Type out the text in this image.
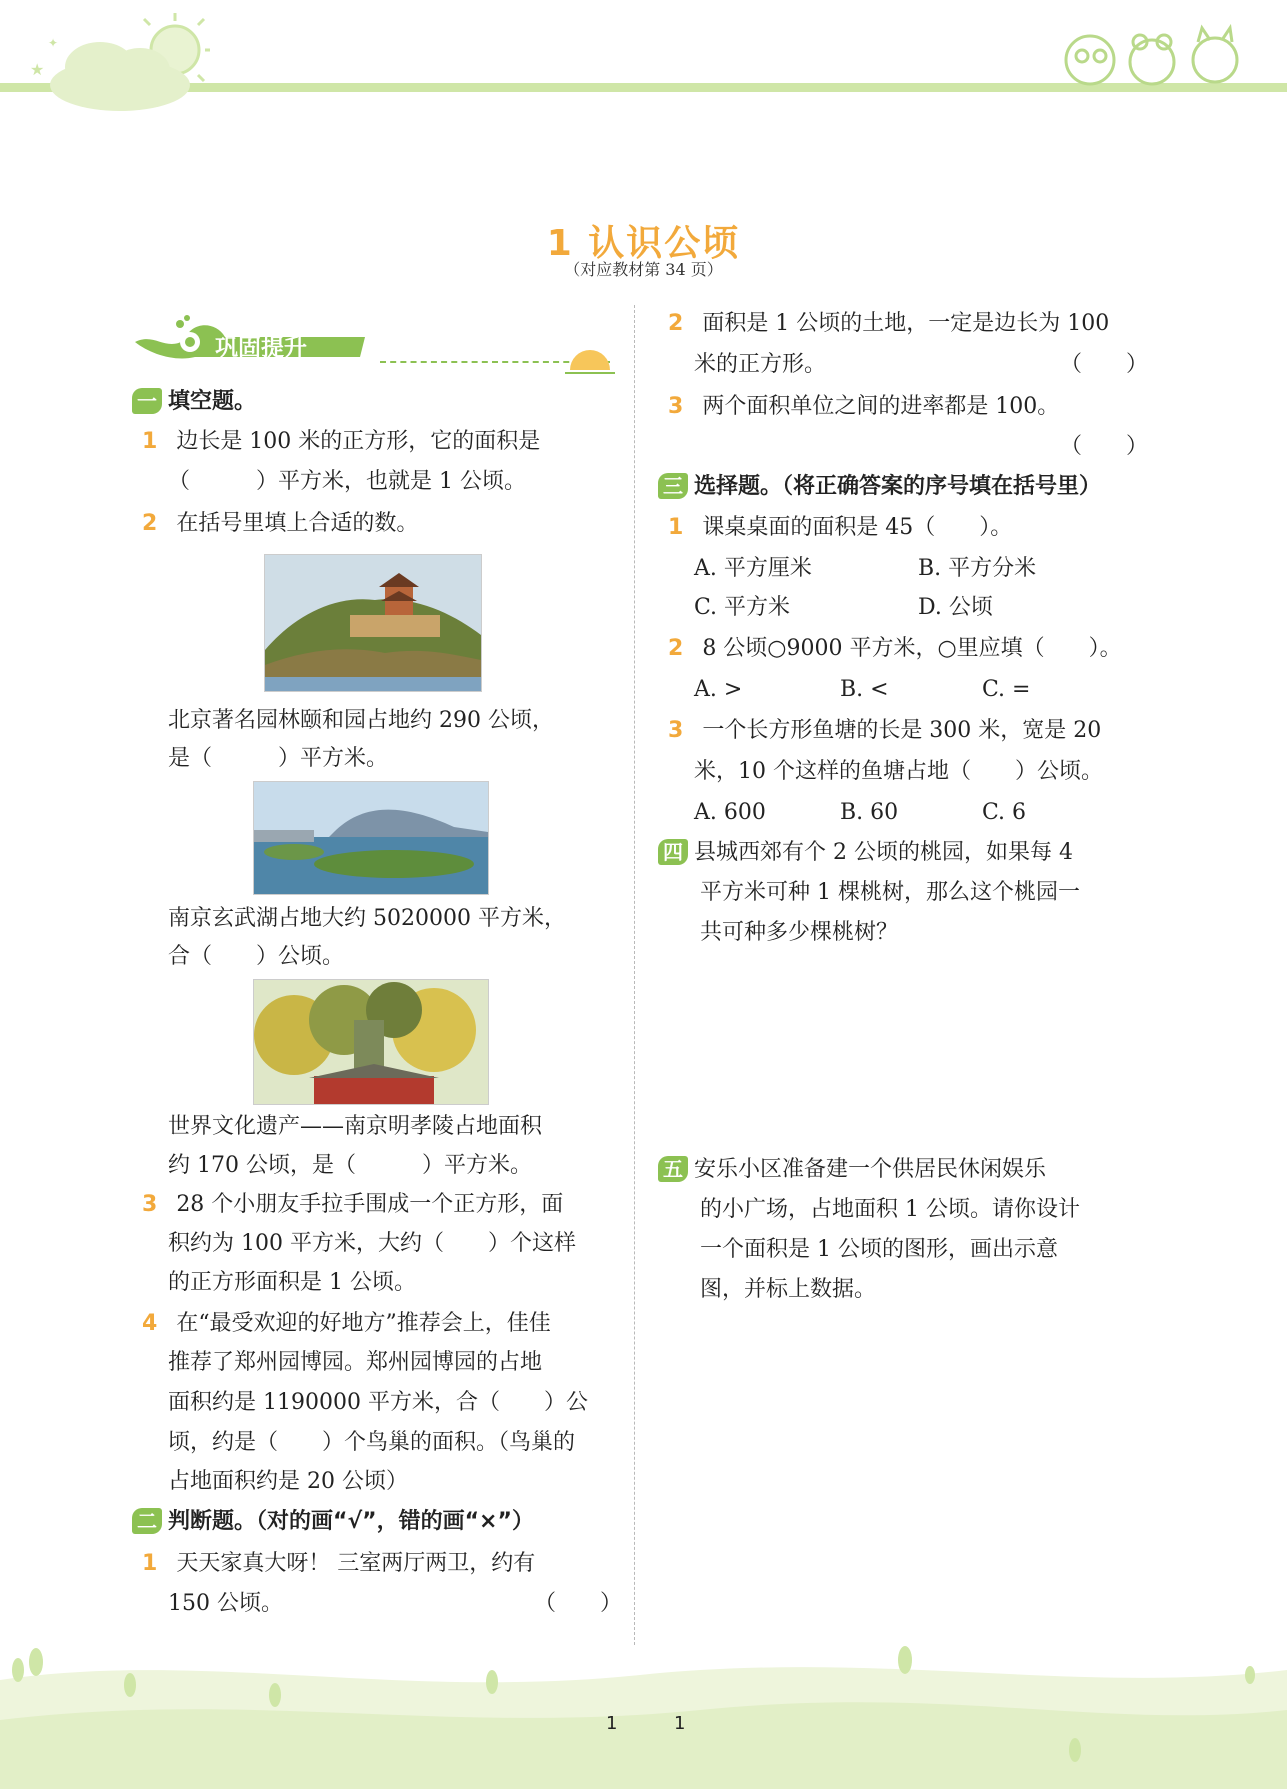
★
✦
1 认识公顷
（对应教材第 34 页）
巩固提升
一 填空题。
1 边长是 100 米的正方形，它的面积是
（　　　）平方米，也就是 1 公顷。
2 在括号里填上合适的数。
北京著名园林颐和园占地约 290 公顷，
是（　　　）平方米。
南京玄武湖占地大约 5020000 平方米，
合（　　）公顷。
世界文化遗产——南京明孝陵占地面积
约 170 公顷，是（　　　）平方米。
3 28 个小朋友手拉手围成一个正方形，面
积约为 100 平方米，大约（　　）个这样
的正方形面积是 1 公顷。
4 在“最受欢迎的好地方”推荐会上，佳佳
推荐了郑州园博园。郑州园博园的占地
面积约是 1190000 平方米，合（　　）公
顷，约是（　　）个鸟巢的面积。（鸟巢的
占地面积约是 20 公顷）
二 判断题。（对的画“√”，错的画“×”）
1 天天家真大呀！ 三室两厅两卫，约有
150 公顷。	（　　）
2 面积是 1 公顷的土地，一定是边长为 100
米的正方形。	（　　）
3 两个面积单位之间的进率都是 100。
（　　）
三 选择题。（将正确答案的序号填在括号里）
1 课桌桌面的面积是 45（　　）。
A. 平方厘米	B. 平方分米
C. 平方米	D. 公顷
2 8 公顷○9000 平方米，○里应填（　　）。
A. >	B. <	C. =
3 一个长方形鱼塘的长是 300 米，宽是 20
米，10 个这样的鱼塘占地（　　）公顷。
A. 600	B. 60	C. 6
四 县城西郊有个 2 公顷的桃园，如果每 4
平方米可种 1 棵桃树，那么这个桃园一
共可种多少棵桃树？
五 安乐小区准备建一个供居民休闲娱乐
的小广场，占地面积 1 公顷。请你设计
一个面积是 1 公顷的图形，画出示意
图，并标上数据。
1	1
